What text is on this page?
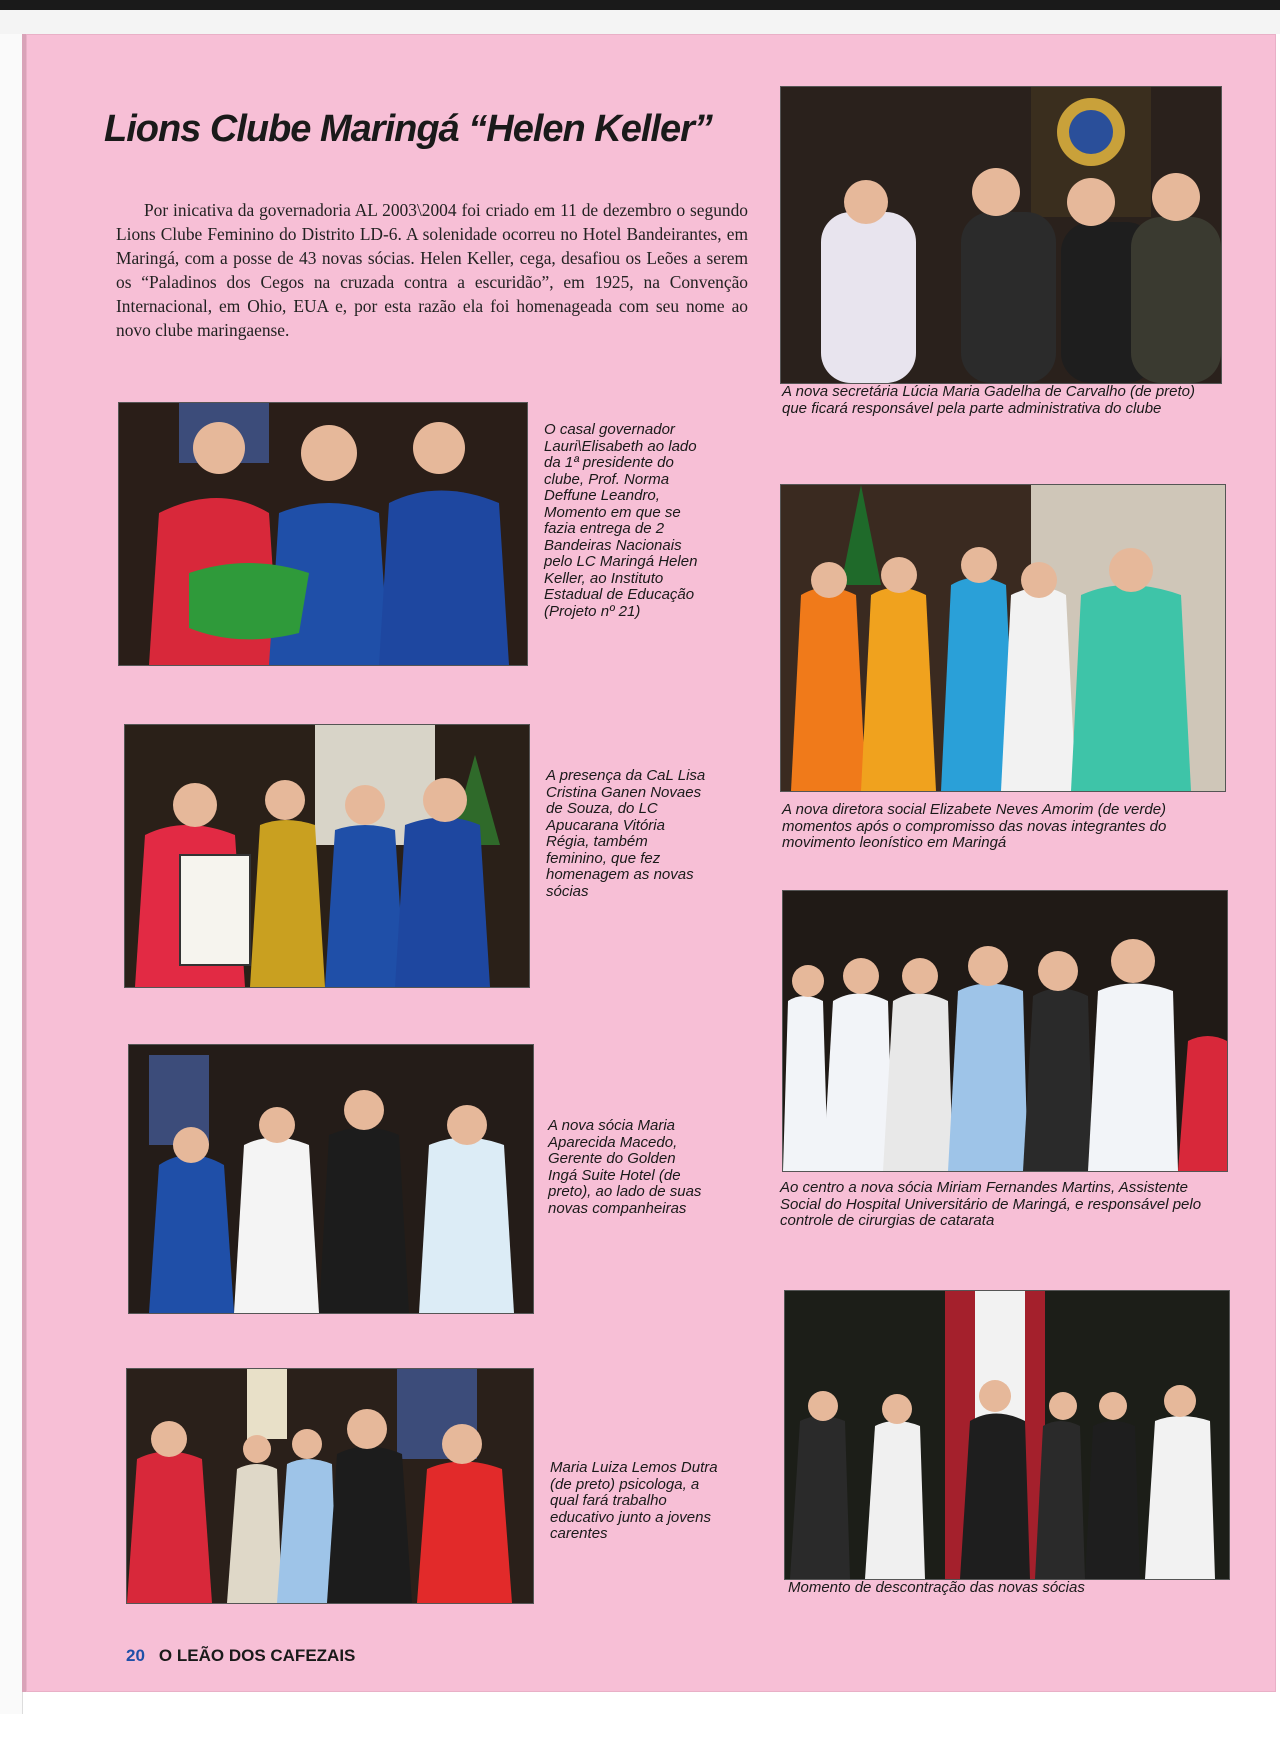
Lions Clube Maringá “Helen Keller”

Por inicativa da governadoria AL 2003\2004 foi criado em 11 de dezembro o segundo Lions Clube Feminino do Distrito LD-6. A solenidade ocorreu no Hotel Bandeirantes, em Maringá, com a posse de 43 novas sócias. Helen Keller, cega, desafiou os Leões a serem os “Paladinos dos Cegos na cruzada contra a escuridão”, em 1925, na Convenção Internacional, em Ohio, EUA e, por esta razão ela foi homenageada com seu nome ao novo clube maringaense.

A nova secretária Lúcia Maria Gadelha de Carvalho (de preto) que ficará responsável pela parte administrativa do clube

O casal governador Lauri\Elisabeth ao lado da 1ª presidente do clube, Prof. Norma Deffune Leandro, Momento em que se fazia entrega de 2 Bandeiras Nacionais pelo LC Maringá Helen Keller, ao Instituto Estadual de Educação (Projeto nº 21)

A nova diretora social Elizabete Neves Amorim (de verde) momentos após o compromisso das novas integrantes do movimento leonístico em Maringá

A presença da CaL Lisa Cristina Ganen Novaes de Souza, do LC Apucarana Vitória Régia, também feminino, que fez homenagem as novas sócias

Ao centro a nova sócia Miriam Fernandes Martins, Assistente Social do Hospital Universitário de Maringá, e responsável pelo controle de cirurgias de catarata

A nova sócia Maria Aparecida Macedo, Gerente do Golden Ingá Suite Hotel (de preto), ao lado de suas novas companheiras

Momento de descontração das novas sócias

Maria Luiza Lemos Dutra (de preto) psicologa, a qual fará trabalho educativo junto a jovens carentes

20 O LEÃO DOS CAFEZAIS
